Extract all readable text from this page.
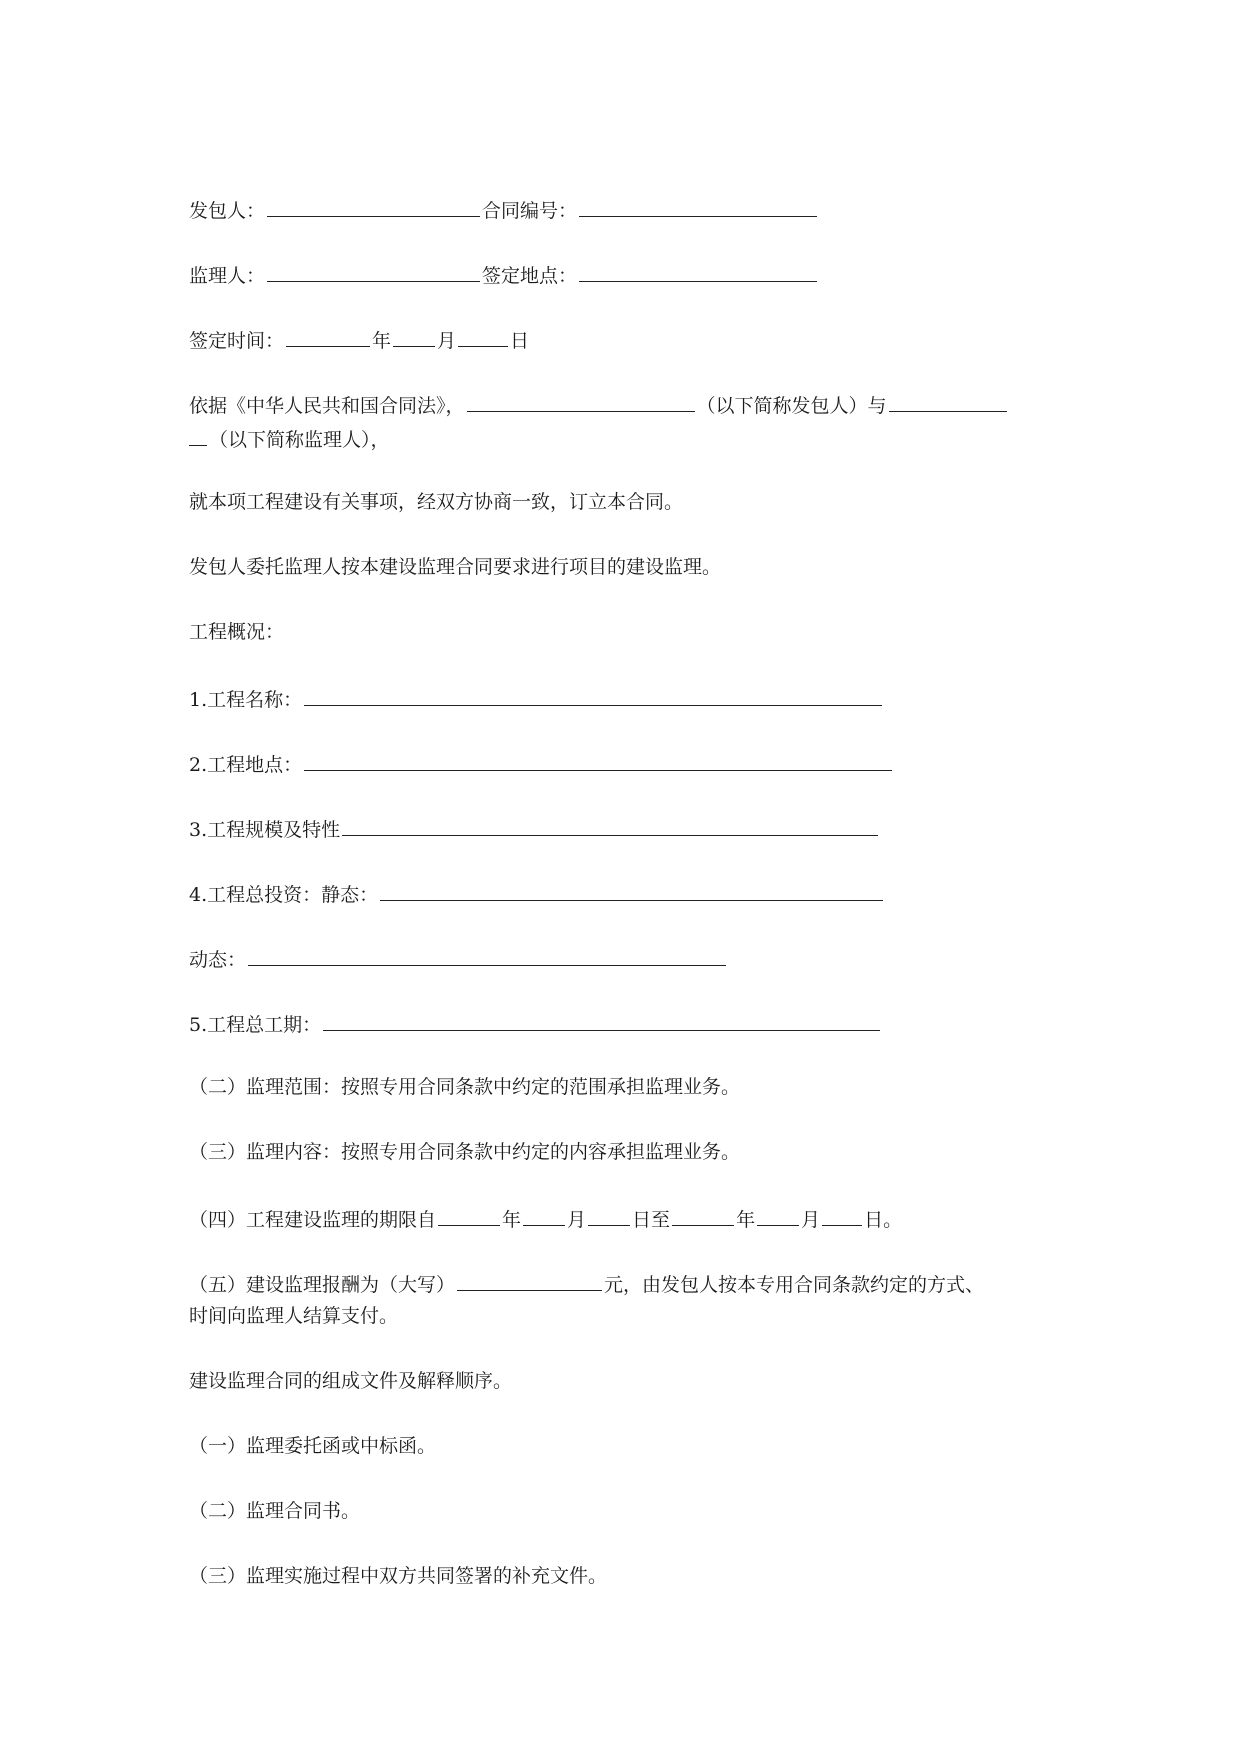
发包人：	合同编号：
监理人：	签定地点：
签定时间：	年 月	日
依据《中华人民共和国合同法》，	（以下简称发包人）与
（以下简称监理人），
就本项工程建设有关事项，经双方协商一致，订立本合同。
发包人委托监理人按本建设监理合同要求进行项目的建设监理。
工程概况：
1.工程名称：
2.工程地点：
3.工程规模及特性
4.工程总投资：静态：
动态：
5.工程总工期：
（二）监理范围：按照专用合同条款中约定的范围承担监理业务。
（三）监理内容：按照专用合同条款中约定的内容承担监理业务。
（四）工程建设监理的期限自	年 月 日至	年 月 日。
（五）建设监理报酬为（大写）	元，由发包人按本专用合同条款约定的方式、
时间向监理人结算支付。
建设监理合同的组成文件及解释顺序。
（一）监理委托函或中标函。
（二）监理合同书。
（三）监理实施过程中双方共同签署的补充文件。
